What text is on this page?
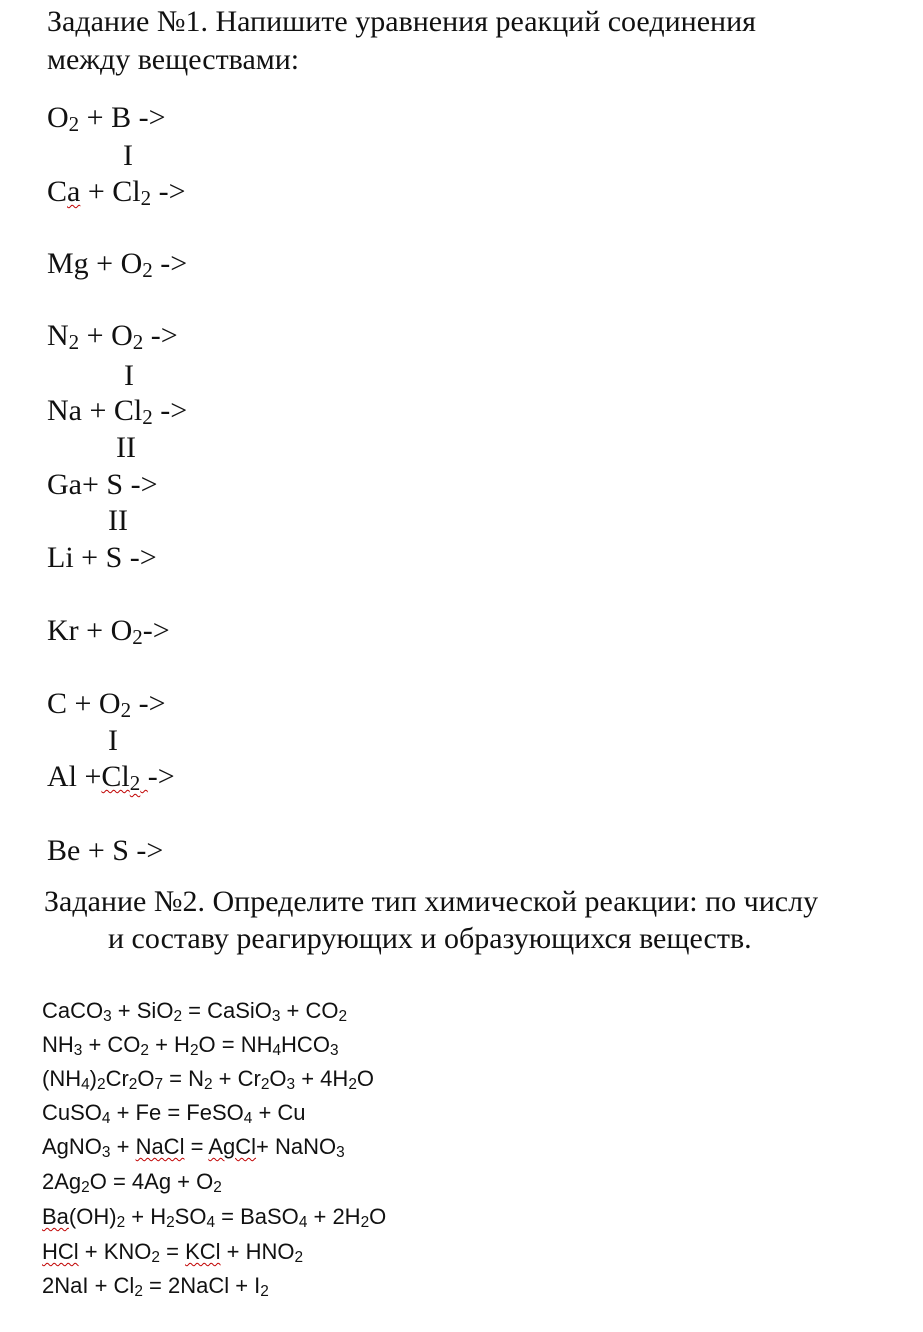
Задание №1. Напишите уравнения реакций соединения
между веществами:
$O_2 + B$ ->
I
$Ca + Cl_2$ ->
$Mg + O_2$ ->
$N_2 + O_2$ ->
I
$Na + Cl_2$ ->
II
Ga+ S ->
II
Li + S ->
$Kr + O_2->$
$C + O_2$ ->
I
$Al +Cl_2$ ->
Be + S ->
Задание №2. Определите тип химической реакции: по числу
и составу реагирующих и образующихся веществ.
CaCO$_3$ + SiO$_2$ = CaSiO$_3$ + $CO_2$
$NH_3 + CO_2 + H_2O = NH_4HCO_3$
$(NH_4)_2Cr_2O_7 = N_2 + Cr_2O_3 + 4H_2O$
CuSO$_4$ + Fe = FeSO$_4$ + Cu
AgNO$_3$ + NaCl = AgCl+ NaNO$_3$
$2Ag_2O = 4Ag + O_2$
$Ba(OH)_2 + H_2SO_4$ = BaSO$_4$ + $2H_2O$
HCl + $KNO_2$ = KCl + $HNO_2$
$2NaI + Cl_2$ = 2NaCl + $I_2$
